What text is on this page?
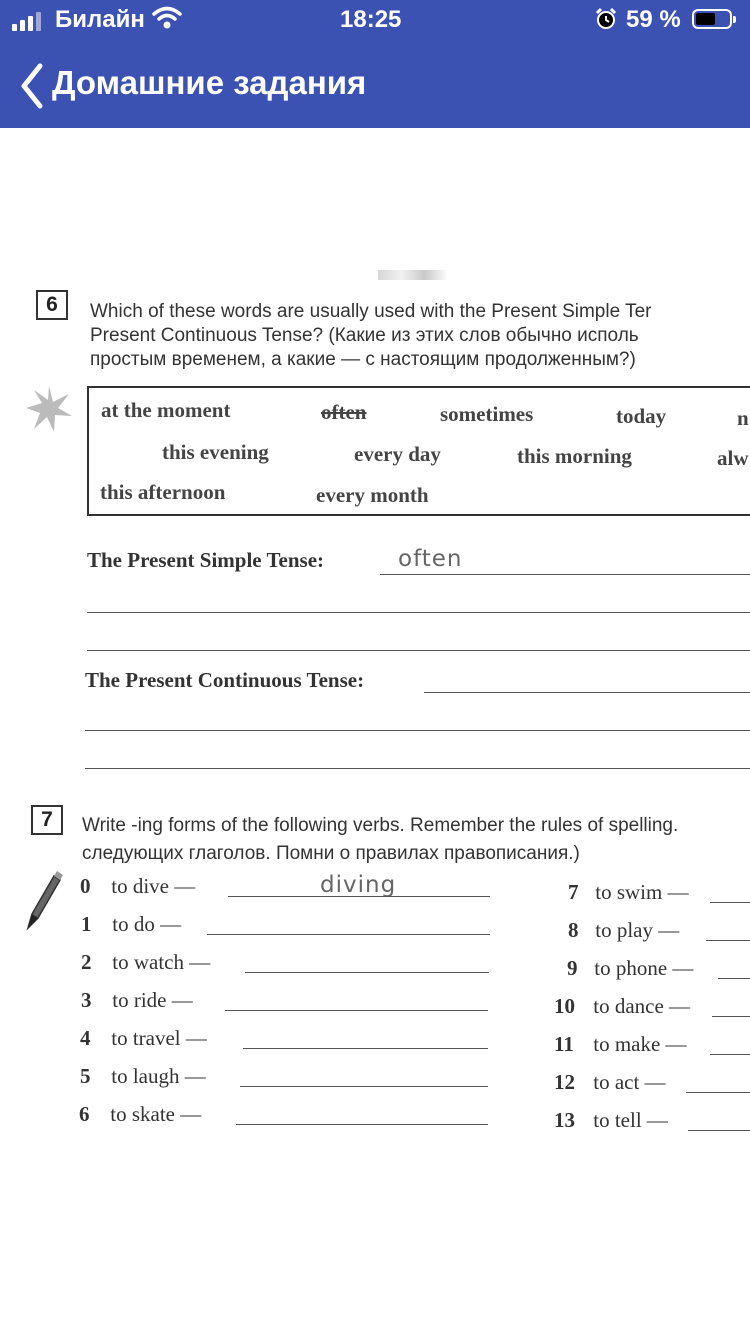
Билайн	18:25	59 %
Домашние задания
6	Which of these words are usually used with the Present Simple Ter
Present Continuous Tense? (Какие из этих слов обычно исполь
простым временем, а какие — с настоящим продолженным?)
at the moment	often	sometimes	today	n
this evening	every day	this morning	alw
this afternoon	every month
The Present Simple Tense:	often
The Present Continuous Tense:
7	Write -ing forms of the following verbs. Remember the rules of spelling.
следующих глаголов. Помни о правилах правописания.)
0 to dive —	diving
1 to do —
2 to watch —
3 to ride —
4 to travel —
5 to laugh —
6 to skate —
7 to swim —
8 to play —
9 to phone —
10 to dance —
11 to make —
12 to act —
13 to tell —
